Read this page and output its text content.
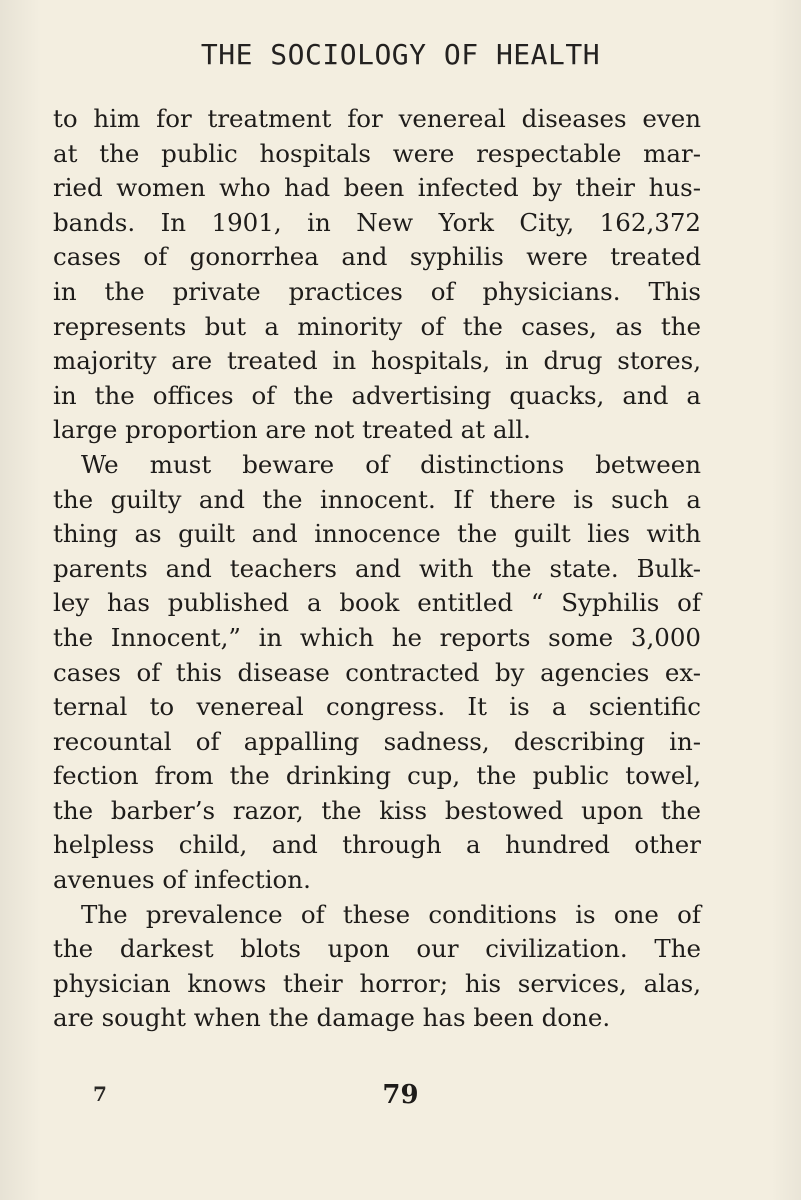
THE SOCIOLOGY OF HEALTH
to him for treatment for venereal diseases even
at the public hospitals were respectable mar-
ried women who had been infected by their hus-
bands. In 1901, in New York City, 162,372
cases of gonorrhea and syphilis were treated
in the private practices of physicians. This
represents but a minority of the cases, as the
majority are treated in hospitals, in drug stores,
in the offices of the advertising quacks, and a
large proportion are not treated at all.
We must beware of distinctions between
the guilty and the innocent. If there is such a
thing as guilt and innocence the guilt lies with
parents and teachers and with the state. Bulk-
ley has published a book entitled “ Syphilis of
the Innocent,” in which he reports some 3,000
cases of this disease contracted by agencies ex-
ternal to venereal congress. It is a scientific
recountal of appalling sadness, describing in-
fection from the drinking cup, the public towel,
the barber’s razor, the kiss bestowed upon the
helpless child, and through a hundred other
avenues of infection.
The prevalence of these conditions is one of
the darkest blots upon our civilization. The
physician knows their horror; his services, alas,
are sought when the damage has been done.
7	79
